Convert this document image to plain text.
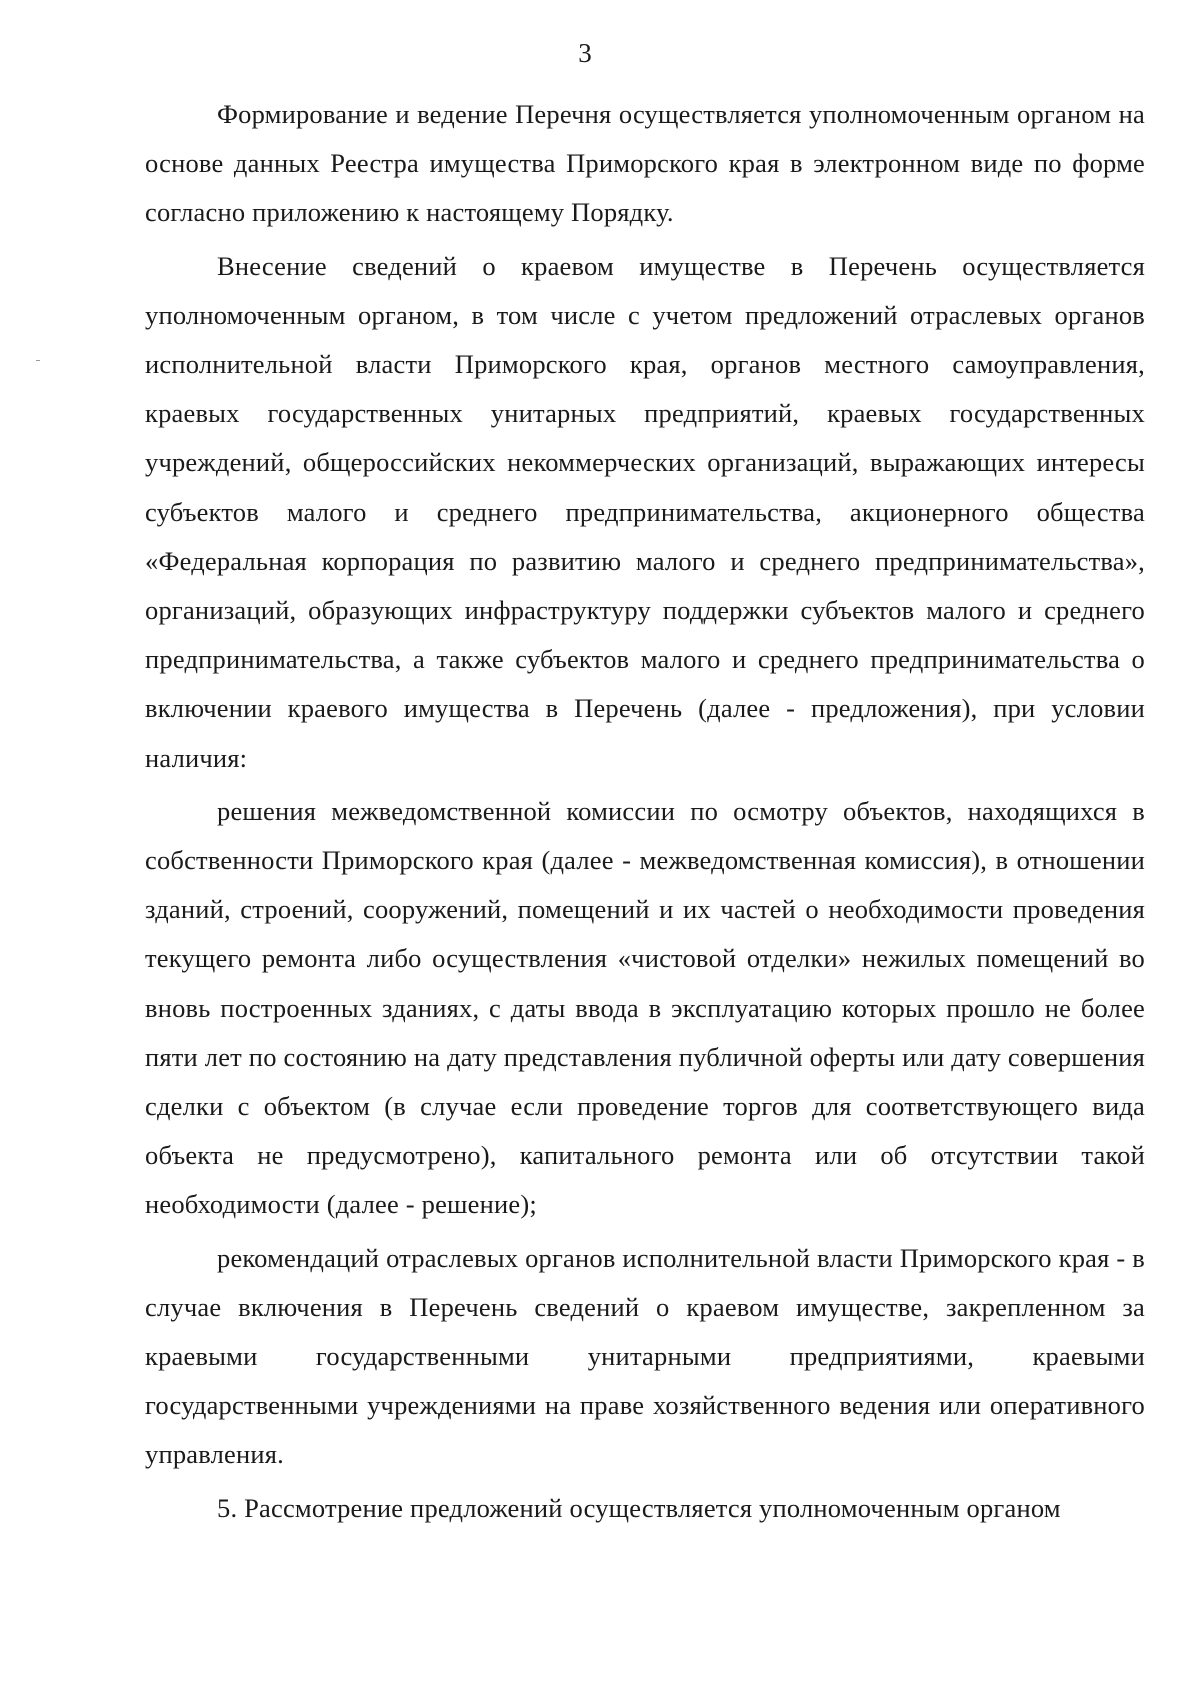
3

Формирование и ведение Перечня осуществляется уполномоченным органом на основе данных Реестра имущества Приморского края в электронном виде по форме согласно приложению к настоящему Порядку.

Внесение сведений о краевом имуществе в Перечень осуществляется уполномоченным органом, в том числе с учетом предложений отраслевых органов исполнительной власти Приморского края, органов местного самоуправления, краевых государственных унитарных предприятий, краевых государственных учреждений, общероссийских некоммерческих организаций, выражающих интересы субъектов малого и среднего предпринимательства, акционерного общества «Федеральная корпорация по развитию малого и среднего предпринимательства», организаций, образующих инфраструктуру поддержки субъектов малого и среднего предпринимательства, а также субъектов малого и среднего предпринимательства о включении краевого имущества в Перечень (далее - предложения), при условии наличия:

решения межведомственной комиссии по осмотру объектов, находящихся в собственности Приморского края (далее - межведомственная комиссия), в отношении зданий, строений, сооружений, помещений и их частей о необходимости проведения текущего ремонта либо осуществления «чистовой отделки» нежилых помещений во вновь построенных зданиях, с даты ввода в эксплуатацию которых прошло не более пяти лет по состоянию на дату представления публичной оферты или дату совершения сделки с объектом (в случае если проведение торгов для соответствующего вида объекта не предусмотрено), капитального ремонта или об отсутствии такой необходимости (далее - решение);

рекомендаций отраслевых органов исполнительной власти Приморского края - в случае включения в Перечень сведений о краевом имуществе, закрепленном за краевыми государственными унитарными предприятиями, краевыми государственными учреждениями на праве хозяйственного ведения или оперативного управления.

5. Рассмотрение предложений осуществляется уполномоченным органом
